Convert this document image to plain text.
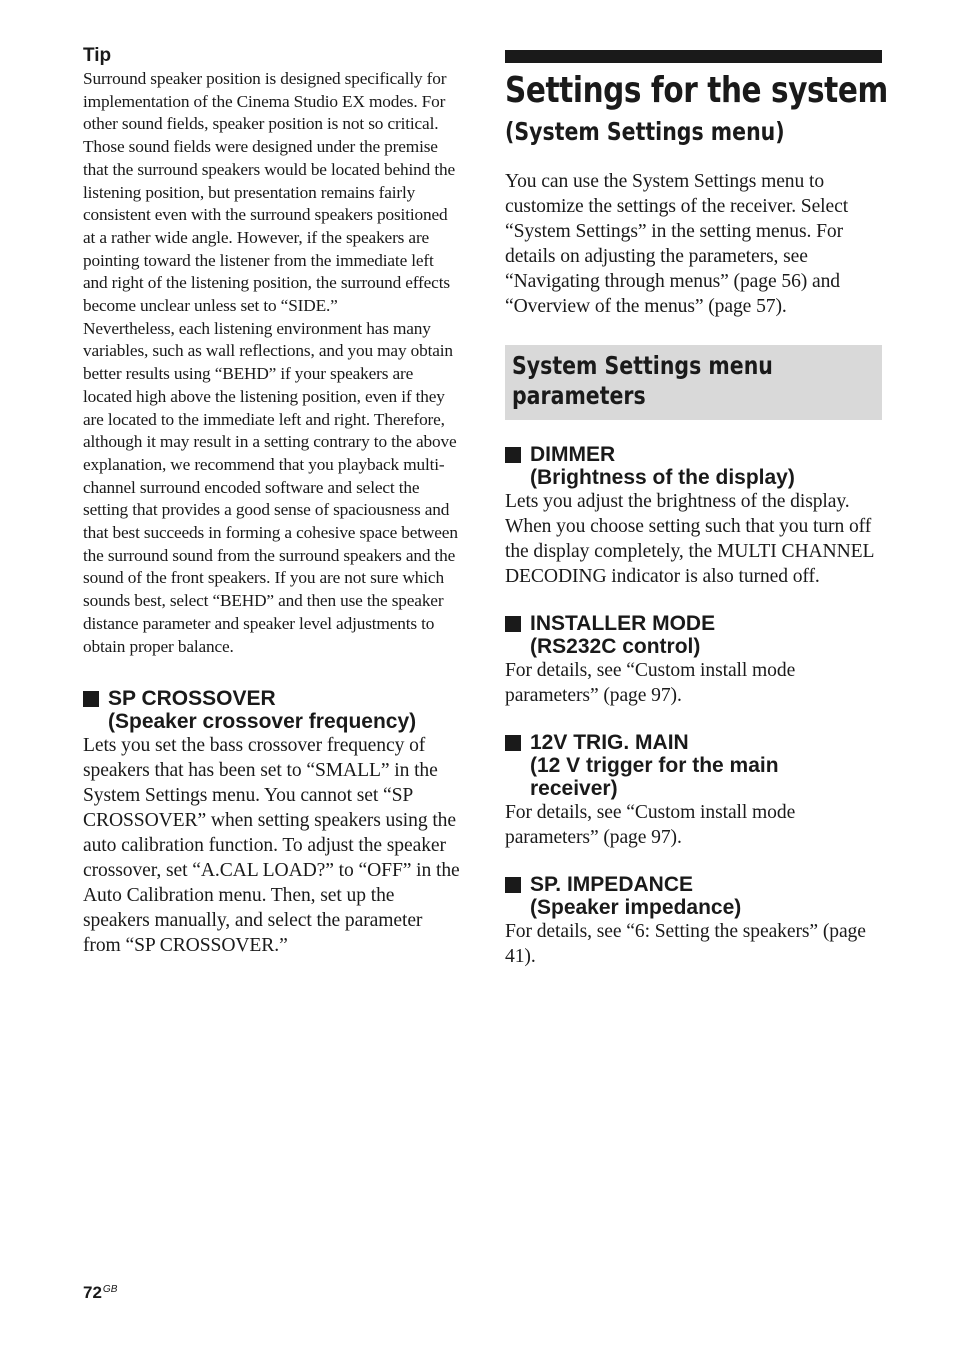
Tip

Surround speaker position is designed specifically for implementation of the Cinema Studio EX modes. For other sound fields, speaker position is not so critical.

Those sound fields were designed under the premise that the surround speakers would be located behind the listening position, but presentation remains fairly consistent even with the surround speakers positioned at a rather wide angle. However, if the speakers are pointing toward the listener from the immediate left and right of the listening position, the surround effects become unclear unless set to “SIDE.”

Nevertheless, each listening environment has many variables, such as wall reflections, and you may obtain better results using “BEHD” if your speakers are located high above the listening position, even if they are located to the immediate left and right. Therefore, although it may result in a setting contrary to the above explanation, we recommend that you playback multi-channel surround encoded software and select the setting that provides a good sense of spaciousness and that best succeeds in forming a cohesive space between the surround sound from the surround speakers and the sound of the front speakers. If you are not sure which sounds best, select “BEHD” and then use the speaker distance parameter and speaker level adjustments to obtain proper balance.

SP CROSSOVER
(Speaker crossover frequency)

Lets you set the bass crossover frequency of speakers that has been set to “SMALL” in the System Settings menu. You cannot set “SP CROSSOVER” when setting speakers using the auto calibration function. To adjust the speaker crossover, set “A.CAL LOAD?” to “OFF” in the Auto Calibration menu. Then, set up the speakers manually, and select the parameter from “SP CROSSOVER.”

Settings for the system
(System Settings menu)

You can use the System Settings menu to customize the settings of the receiver. Select “System Settings” in the setting menus. For details on adjusting the parameters, see “Navigating through menus” (page 56) and “Overview of the menus” (page 57).

System Settings menu
parameters
DIMMER
(Brightness of the display)

Lets you adjust the brightness of the display. When you choose setting such that you turn off the display completely, the MULTI CHANNEL DECODING indicator is also turned off.

INSTALLER MODE
(RS232C control)

For details, see “Custom install mode parameters” (page 97).

12V TRIG. MAIN
(12 V trigger for the main
receiver)

For details, see “Custom install mode parameters” (page 97).

SP. IMPEDANCE
(Speaker impedance)

For details, see “6: Setting the speakers” (page 41).

$72^{GB}$
